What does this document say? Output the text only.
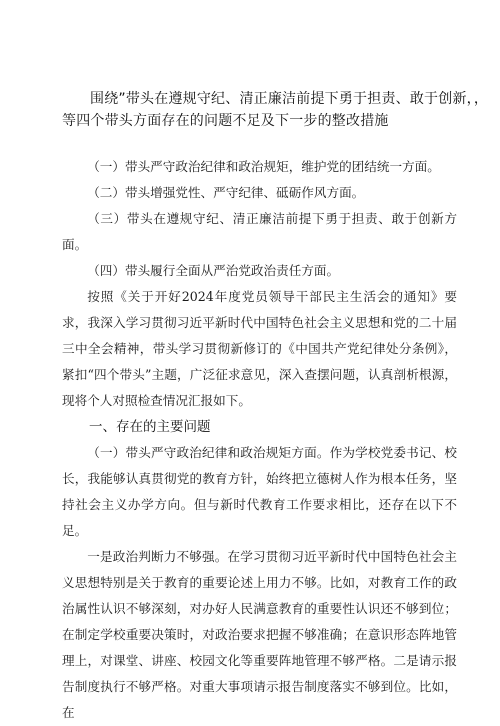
围绕”带头在遵规守纪、清正廉洁前提下勇于担责、敢于创新，，
等四个带头方面存在的问题不足及下一步的整改措施

（一）带头严守政治纪律和政治规矩，维护党的团结统一方面。

（二）带头增强党性、严守纪律、砥砺作风方面。

（三）带头在遵规守纪、清正廉洁前提下勇于担责、敢于创新方面。

（四）带头履行全面从严治党政治责任方面。

按照《关于开好2024年度党员领导干部民主生活会的通知》要求，我深入学习贯彻习近平新时代中国特色社会主义思想和党的二十届三中全会精神，带头学习贯彻新修订的《中国共产党纪律处分条例》，紧扣“四个带头”主题，广泛征求意见，深入查摆问题，认真剖析根源，现将个人对照检查情况汇报如下。

一、存在的主要问题

（一）带头严守政治纪律和政治规矩方面。作为学校党委书记、校长，我能够认真贯彻党的教育方针，始终把立德树人作为根本任务，坚持社会主义办学方向。但与新时代教育工作要求相比，还存在以下不足。

一是政治判断力不够强。在学习贯彻习近平新时代中国特色社会主义思想特别是关于教育的重要论述上用力不够。比如，对教育工作的政治属性认识不够深刻，对办好人民满意教育的重要性认识还不够到位；在制定学校重要决策时，对政治要求把握不够准确；在意识形态阵地管理上，对课堂、讲座、校园文化等重要阵地管理不够严格。二是请示报告制度执行不够严格。对重大事项请示报告制度落实不够到位。比如，在
